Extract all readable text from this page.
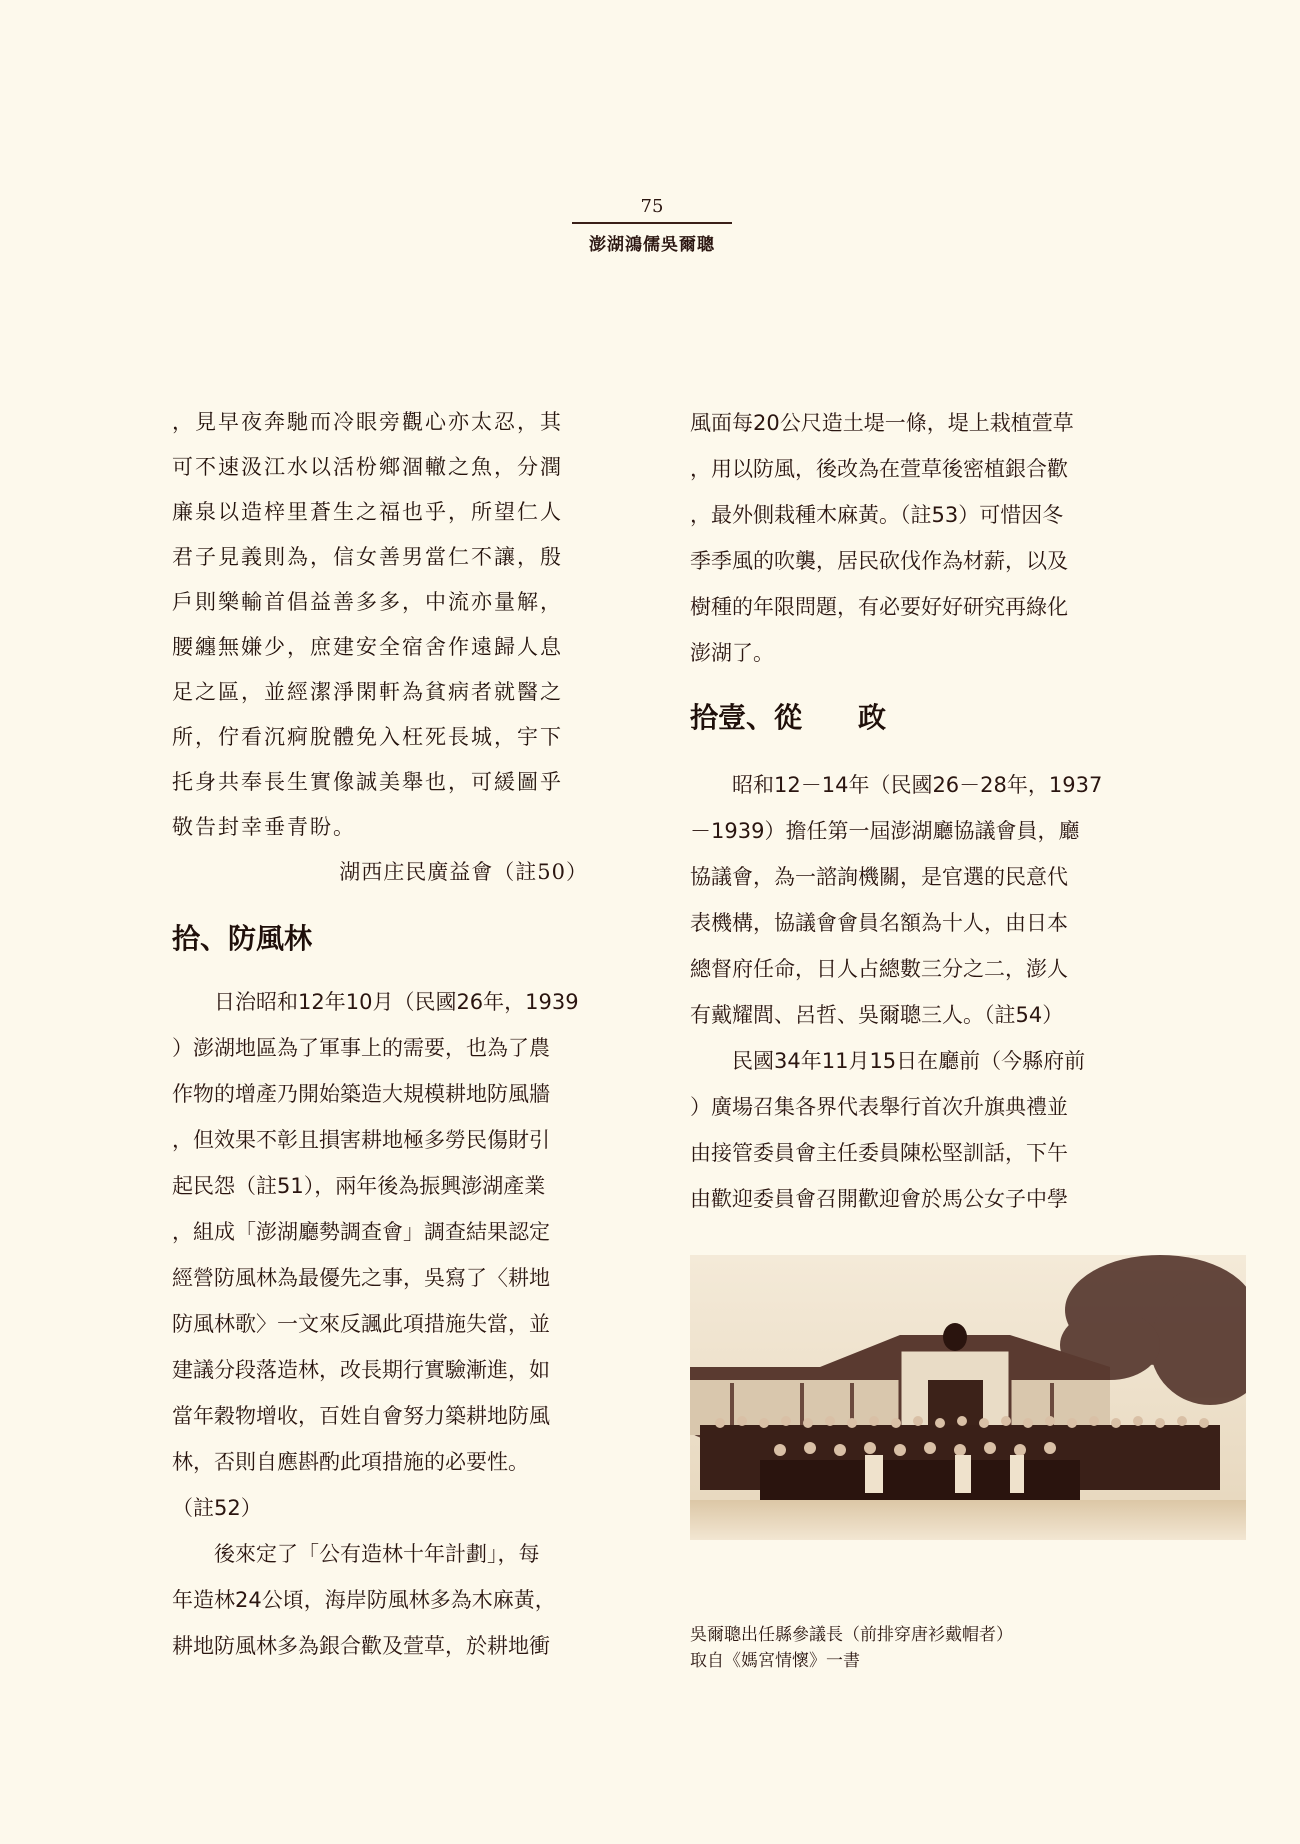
75
澎湖鴻儒吳爾聰
，見早夜奔馳而冷眼旁觀心亦太忍，其
可不速汲江水以活枌鄉涸轍之魚，分潤
廉泉以造梓里蒼生之福也乎，所望仁人
君子見義則為，信女善男當仁不讓，殷
戶則樂輸首倡益善多多，中流亦量解，
腰纏無嫌少，庶建安全宿舍作遠歸人息
足之區，並經潔淨閑軒為貧病者就醫之
所，佇看沉痾脫體免入枉死長城，宇下
托身共奉長生實像誠美舉也，可緩圖乎
敬告封幸垂青盼。
湖西庄民廣益會（註50）
拾、防風林
　　日治昭和12年10月（民國26年，1939
）澎湖地區為了軍事上的需要，也為了農
作物的增產乃開始築造大規模耕地防風牆
，但效果不彰且損害耕地極多勞民傷財引
起民怨（註51），兩年後為振興澎湖產業
，組成「澎湖廳勢調查會」調查結果認定
經營防風林為最優先之事，吳寫了〈耕地
防風林歌〉一文來反諷此項措施失當，並
建議分段落造林，改長期行實驗漸進，如
當年穀物增收，百姓自會努力築耕地防風
林，否則自應斟酌此項措施的必要性。
（註52）
　　後來定了「公有造林十年計劃」，每
年造林24公頃，海岸防風林多為木麻黃，
耕地防風林多為銀合歡及萱草，於耕地衝
風面每20公尺造土堤一條，堤上栽植萱草
，用以防風，後改為在萱草後密植銀合歡
，最外側栽種木麻黃。（註53）可惜因冬
季季風的吹襲，居民砍伐作為材薪，以及
樹種的年限問題，有必要好好研究再綠化
澎湖了。
拾壹、從　　政
　　昭和12－14年（民國26－28年，1937
－1939）擔任第一屆澎湖廳協議會員，廳
協議會，為一諮詢機關，是官選的民意代
表機構，協議會會員名額為十人，由日本
總督府任命，日人占總數三分之二，澎人
有戴耀閭、呂哲、吳爾聰三人。（註54）
　　民國34年11月15日在廳前（今縣府前
）廣場召集各界代表舉行首次升旗典禮並
由接管委員會主任委員陳松堅訓話，下午
由歡迎委員會召開歡迎會於馬公女子中學
吳爾聰出任縣參議長（前排穿唐衫戴帽者）
取自《媽宮情懷》一書
